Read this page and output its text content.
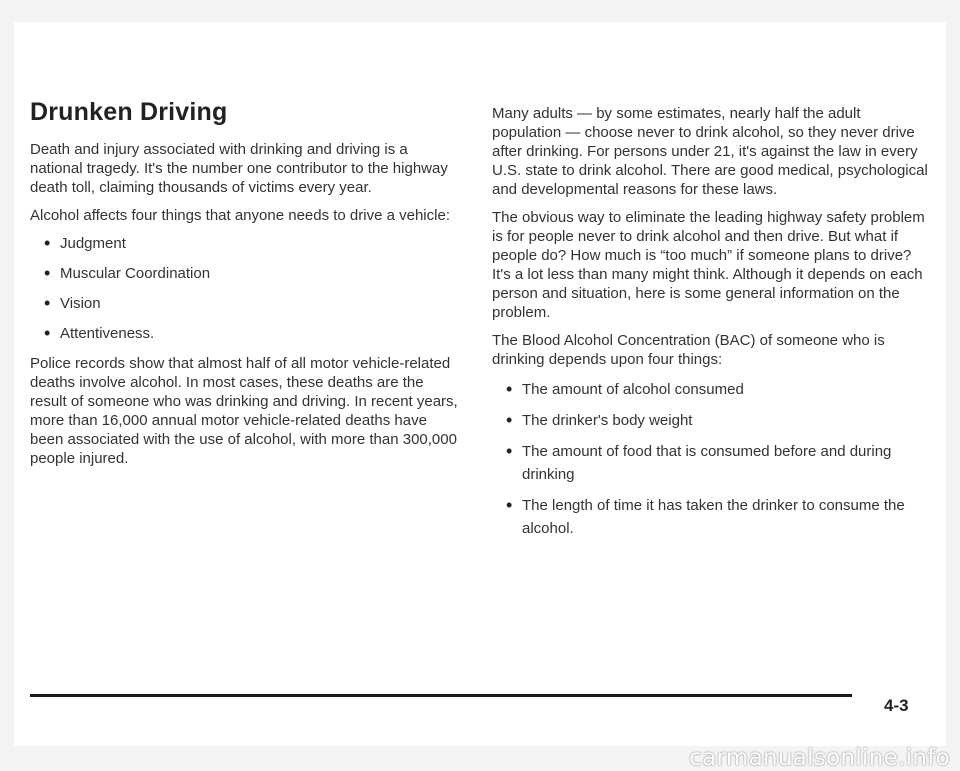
Drunken Driving

Death and injury associated with drinking and driving is a national tragedy. It's the number one contributor to the highway death toll, claiming thousands of victims every year.

Alcohol affects four things that anyone needs to drive a vehicle:

• Judgment
• Muscular Coordination
• Vision
• Attentiveness.

Police records show that almost half of all motor vehicle-related deaths involve alcohol. In most cases, these deaths are the result of someone who was drinking and driving. In recent years, more than 16,000 annual motor vehicle-related deaths have been associated with the use of alcohol, with more than 300,000 people injured.

Many adults — by some estimates, nearly half the adult population — choose never to drink alcohol, so they never drive after drinking. For persons under 21, it's against the law in every U.S. state to drink alcohol. There are good medical, psychological and developmental reasons for these laws.

The obvious way to eliminate the leading highway safety problem is for people never to drink alcohol and then drive. But what if people do? How much is “too much” if someone plans to drive? It's a lot less than many might think. Although it depends on each person and situation, here is some general information on the problem.

The Blood Alcohol Concentration (BAC) of someone who is drinking depends upon four things:

• The amount of alcohol consumed
• The drinker's body weight
• The amount of food that is consumed before and during drinking
• The length of time it has taken the drinker to consume the alcohol.
4-3
carmanualsonline.info
